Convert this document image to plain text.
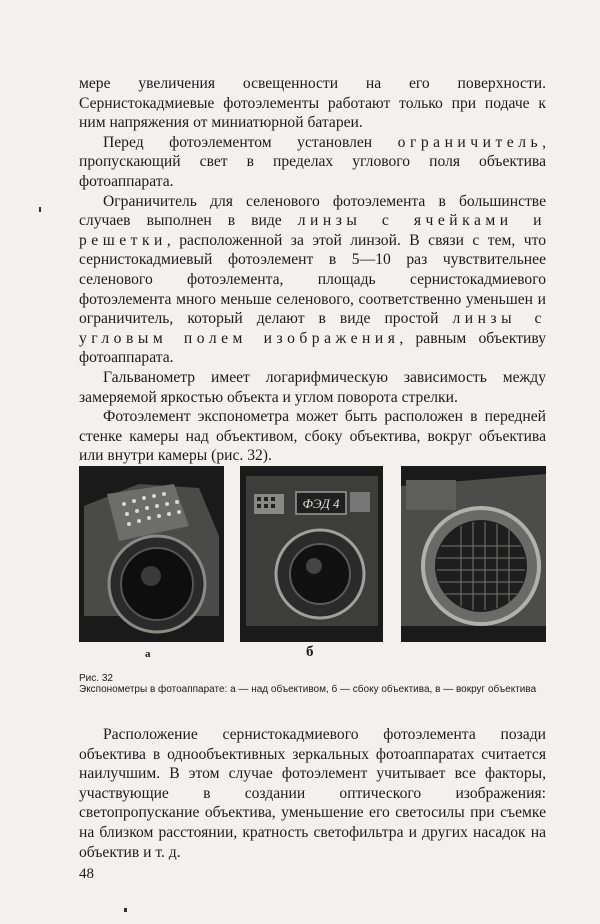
мере увеличения освещенности на его поверхности. Сернистокадмиевые фотоэлементы работают только при подаче к ним напряжения от миниатюрной батареи.

Перед фотоэлементом установлен ограничитель, пропускающий свет в пределах углового поля объектива фотоаппарата.

Ограничитель для селенового фотоэлемента в большинстве случаев выполнен в виде линзы с ячейками и решетки, расположенной за этой линзой. В связи с тем, что сернистокадмиевый фотоэлемент в 5—10 раз чувствительнее селенового фотоэлемента, площадь сернистокадмиевого фотоэлемента много меньше селенового, соответственно уменьшен и ограничитель, который делают в виде простой линзы с угловым полем изображения, равным объективу фотоаппарата.

Гальванометр имеет логарифмическую зависимость между замеряемой яркостью объекта и углом поворота стрелки.

Фотоэлемент экспонометра может быть расположен в передней стенке камеры над объективом, сбоку объектива, вокруг объектива или внутри камеры (рис. 32).

ФЭД 4
а	б
в
Рис. 32
Экспонометры в фотоаппарате: а — над объективом, б — сбоку объектива, в — вокруг объектива

Расположение сернистокадмиевого фотоэлемента позади объектива в однообъективных зеркальных фотоаппаратах считается наилучшим. В этом случае фотоэлемент учитывает все факторы, участвующие в создании оптического изображения: светопропускание объектива, уменьшение его светосилы при съемке на близком расстоянии, кратность светофильтра и других насадок на объектив и т. д.

48
